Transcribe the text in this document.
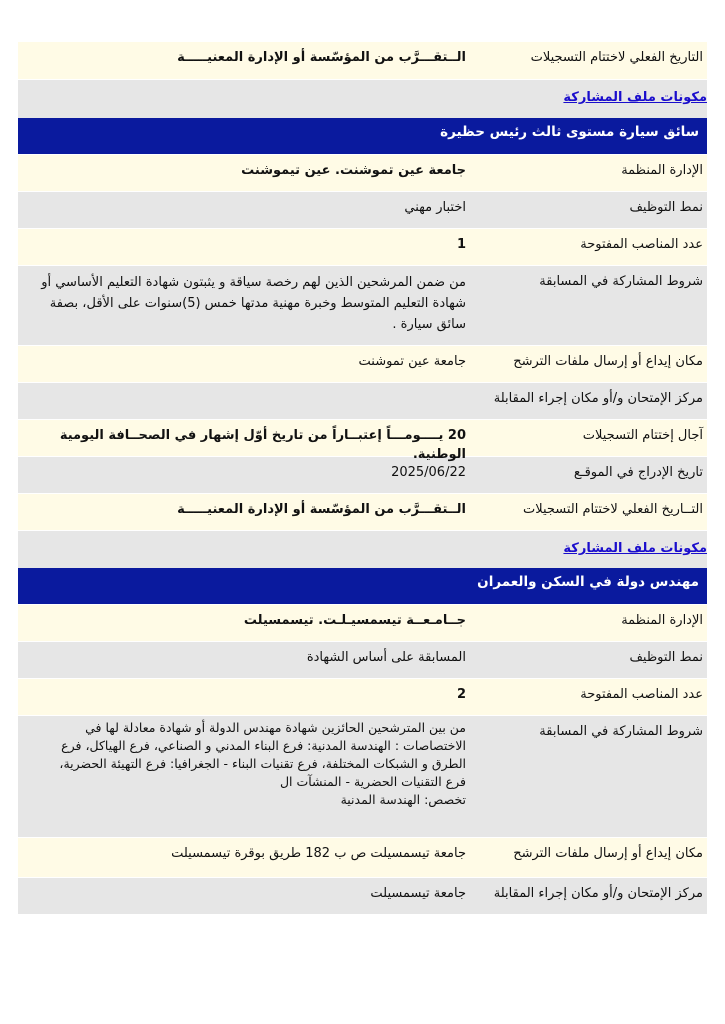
التاريخ الفعلي لاختتام التسجيلات
الــتقـــرَّب من المؤسّسة أو الإدارة المعنيـــــة
مكونات ملف المشاركة
سائق سيارة مستوى ثالث رئيس حظيرة
الإدارة المنظمة
جامعة عين تموشنت. عين تيموشنت
نمط التوظيف
اختبار مهني
عدد المناصب المفتوحة
1
شروط المشاركة في المسابقة
من ضمن المرشحين الذين لهم رخصة سياقة و يثبتون شهادة التعليم الأساسي أو شهادة التعليم المتوسط وخبرة مهنية مدتها خمس (5)سنوات على الأقل، بصفة سائق سيارة .
مكان إيداع أو إرسال ملفات الترشح
جامعة عين تموشنت
مركز الإمتحان و/أو مكان إجراء المقابلة
آجال إختتام التسجيلات
20 يــــومـــاً إعتبــاراً من تاريخ أوّل إشهار في الصحــافة اليومية الوطنية.
تاريخ الإدراج في الموقـع
2025/06/22
التــاريخ الفعلي لاختتام التسجيلات
الــتقـــرَّب من المؤسّسة أو الإدارة المعنيـــــة
مكونات ملف المشاركة
مهندس دولة في السكن والعمران
الإدارة المنظمة
جــامـعــة تيسمسيـلـت. تيسمسيلت
نمط التوظيف
المسابقة على أساس الشهادة
عدد المناصب المفتوحة
2
شروط المشاركة في المسابقة
من بين المترشحين الحائزين شهادة مهندس الدولة أو شهادة معادلة لها في
الاختصاصات : الهندسة المدنية: فرع البناء المدني و الصناعي، فرع الهياكل، فرع
الطرق و الشبكات المختلفة، فرع تقنيات البناء - الجغرافيا: فرع التهيئة الحضرية،
فرع التقنيات الحضرية - المنشآت ال
تخصص: الهندسة المدنية
مكان إيداع أو إرسال ملفات الترشح
جامعة تيسمسيلت ص ب 182 طريق بوقرة تيسمسيلت
مركز الإمتحان و/أو مكان إجراء المقابلة
جامعة تيسمسيلت
